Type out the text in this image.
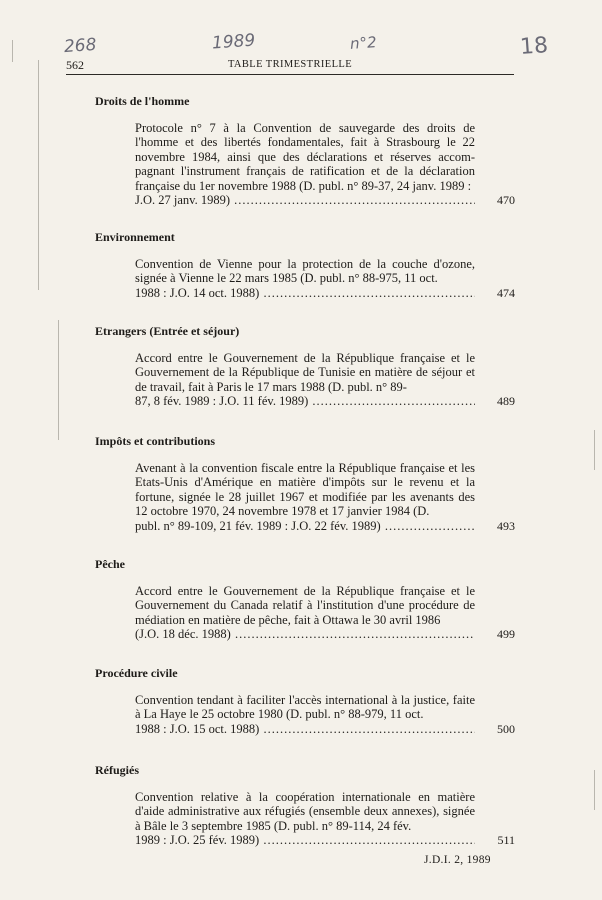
268	1989	n°2	18
562	TABLE TRIMESTRIELLE
Droits de l'homme
Protocole n° 7 à la Convention de sauvegarde des droits de l'homme et des libertés fondamentales, fait à Strasbourg le 22 novembre 1984, ainsi que des déclarations et réserves accom- pagnant l'instrument français de ratification et de la déclaration française du 1er novembre 1988 (D. publ. n° 89-37, 24 janv. 1989 :
J.O. 27 janv. 1989) .....	470
Environnement
Convention de Vienne pour la protection de la couche d'ozone, signée à Vienne le 22 mars 1985 (D. publ. n° 88-975, 11 oct.
1988 : J.O. 14 oct. 1988) .....	474
Etrangers (Entrée et séjour)
Accord entre le Gouvernement de la République française et le Gouvernement de la République de Tunisie en matière de séjour et de travail, fait à Paris le 17 mars 1988 (D. publ. n° 89-
87, 8 fév. 1989 : J.O. 11 fév. 1989) .....	489
Impôts et contributions
Avenant à la convention fiscale entre la République française et les Etats-Unis d'Amérique en matière d'impôts sur le revenu et la fortune, signée le 28 juillet 1967 et modifiée par les avenants des 12 octobre 1970, 24 novembre 1978 et 17 janvier 1984 (D.
publ. n° 89-109, 21 fév. 1989 : J.O. 22 fév. 1989) .....	493
Pêche
Accord entre le Gouvernement de la République française et le Gouvernement du Canada relatif à l'institution d'une procédure de médiation en matière de pêche, fait à Ottawa le 30 avril 1986
(J.O. 18 déc. 1988) .....	499
Procédure civile
Convention tendant à faciliter l'accès international à la justice, faite à La Haye le 25 octobre 1980 (D. publ. n° 88-979, 11 oct.
1988 : J.O. 15 oct. 1988) .....	500
Réfugiés
Convention relative à la coopération internationale en matière d'aide administrative aux réfugiés (ensemble deux annexes), signée à Bâle le 3 septembre 1985 (D. publ. n° 89-114, 24 fév.
1989 : J.O. 25 fév. 1989) .....	511
J.D.I. 2, 1989
